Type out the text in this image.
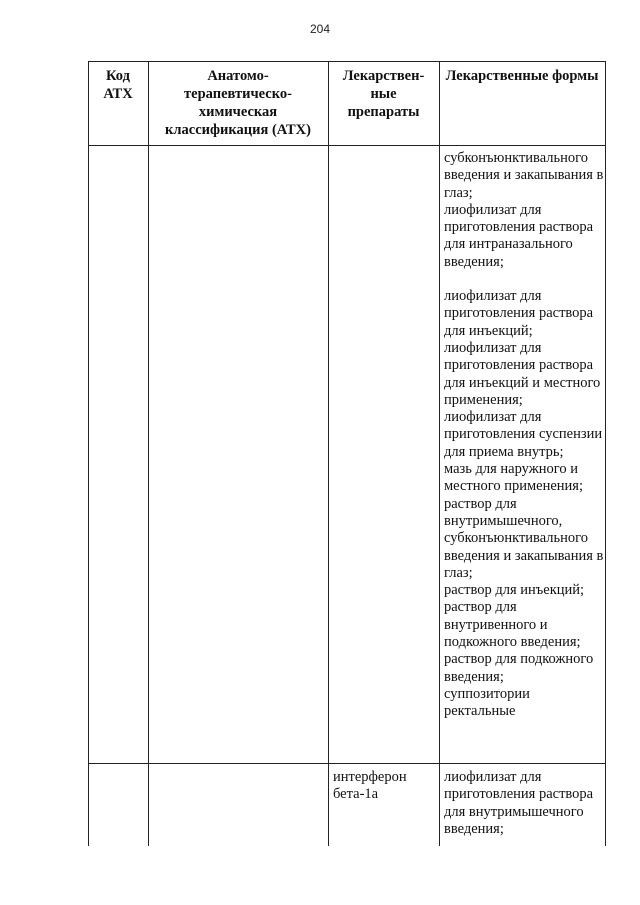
204
Код
АТХ
Анатомо-
терапевтическо-
химическая
классификация (АТХ)
Лекарствен-
ные
препараты
Лекарственные формы
субконъюнктивального
введения и закапывания в
глаз;
лиофилизат для
приготовления раствора
для интраназального
введения;
лиофилизат для
приготовления раствора
для инъекций;
лиофилизат для
приготовления раствора
для инъекций и местного
применения;
лиофилизат для
приготовления суспензии
для приема внутрь;
мазь для наружного и
местного применения;
раствор для
внутримышечного,
субконъюнктивального
введения и закапывания в
глаз;
раствор для инъекций;
раствор для
внутривенного и
подкожного введения;
раствор для подкожного
введения;
суппозитории
ректальные
интерферон
бета-1a
лиофилизат для
приготовления раствора
для внутримышечного
введения;
